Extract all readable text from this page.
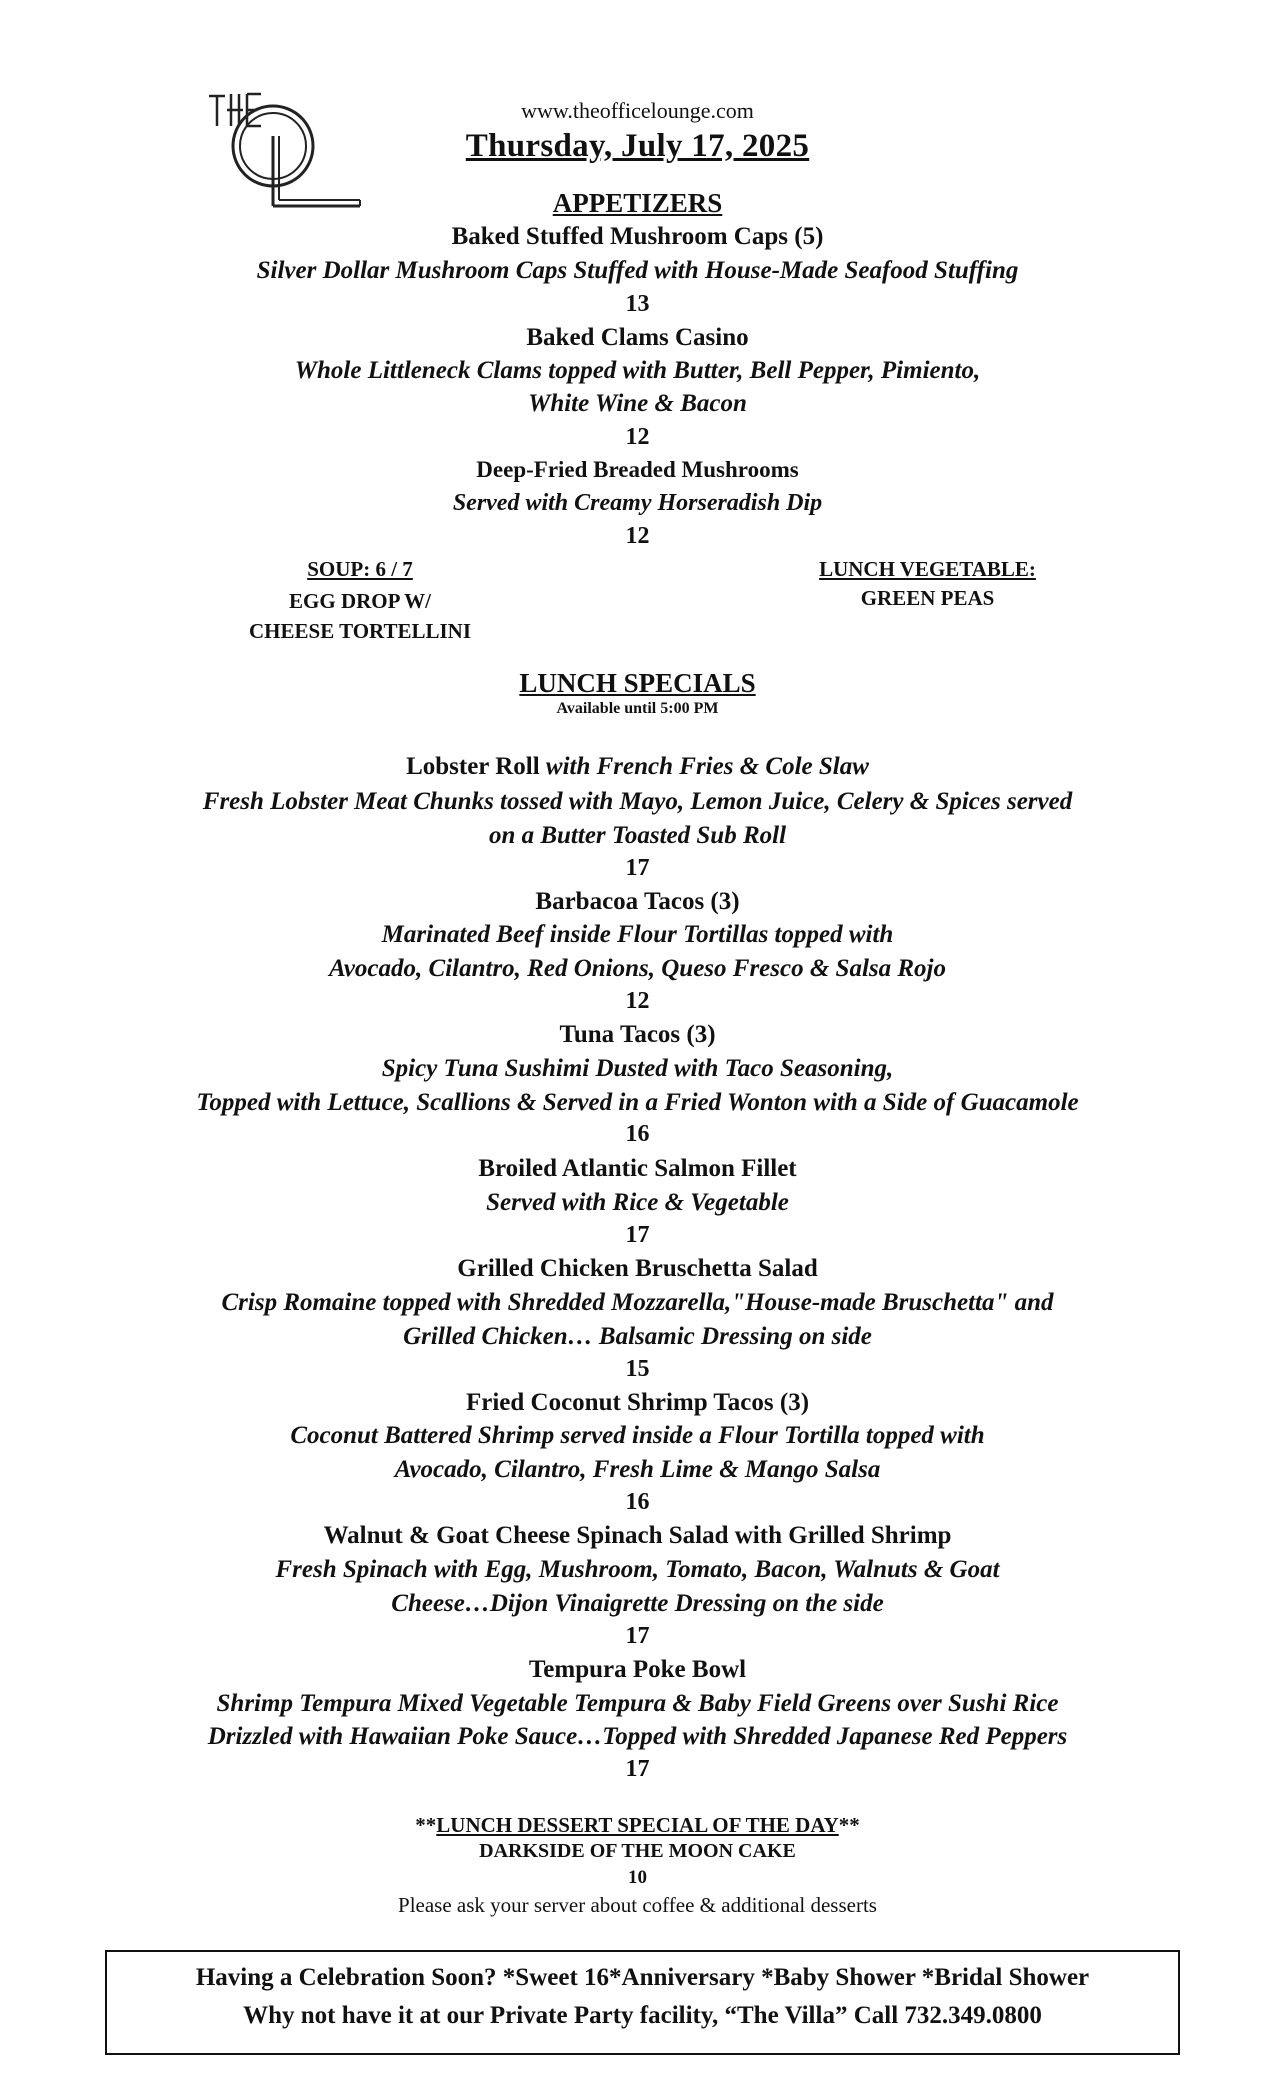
www.theofficelounge.com
Thursday, July 17, 2025
APPETIZERS
Baked Stuffed Mushroom Caps (5)
Silver Dollar Mushroom Caps Stuffed with House-Made Seafood Stuffing
13
Baked Clams Casino
Whole Littleneck Clams topped with Butter, Bell Pepper, Pimiento,
White Wine & Bacon
12
Deep-Fried Breaded Mushrooms
Served with Creamy Horseradish Dip
12
SOUP: 6 / 7
EGG DROP W/
CHEESE TORTELLINI
LUNCH VEGETABLE:
GREEN PEAS
LUNCH SPECIALS
Available until 5:00 PM
Lobster Roll with French Fries & Cole Slaw
Fresh Lobster Meat Chunks tossed with Mayo, Lemon Juice, Celery & Spices served
on a Butter Toasted Sub Roll
17
Barbacoa Tacos (3)
Marinated Beef inside Flour Tortillas topped with
Avocado, Cilantro, Red Onions, Queso Fresco & Salsa Rojo
12
Tuna Tacos (3)
Spicy Tuna Sushimi Dusted with Taco Seasoning,
Topped with Lettuce, Scallions & Served in a Fried Wonton with a Side of Guacamole
16
Broiled Atlantic Salmon Fillet
Served with Rice & Vegetable
17
Grilled Chicken Bruschetta Salad
Crisp Romaine topped with Shredded Mozzarella,"House-made Bruschetta" and
Grilled Chicken… Balsamic Dressing on side
15
Fried Coconut Shrimp Tacos (3)
Coconut Battered Shrimp served inside a Flour Tortilla topped with
Avocado, Cilantro, Fresh Lime & Mango Salsa
16
Walnut & Goat Cheese Spinach Salad with Grilled Shrimp
Fresh Spinach with Egg, Mushroom, Tomato, Bacon, Walnuts & Goat
Cheese…Dijon Vinaigrette Dressing on the side
17
Tempura Poke Bowl
Shrimp Tempura Mixed Vegetable Tempura & Baby Field Greens over Sushi Rice
Drizzled with Hawaiian Poke Sauce…Topped with Shredded Japanese Red Peppers
17
**LUNCH DESSERT SPECIAL OF THE DAY**
DARKSIDE OF THE MOON CAKE
10
Please ask your server about coffee & additional desserts
Having a Celebration Soon? *Sweet 16*Anniversary *Baby Shower *Bridal Shower
Why not have it at our Private Party facility, “The Villa” Call 732.349.0800
